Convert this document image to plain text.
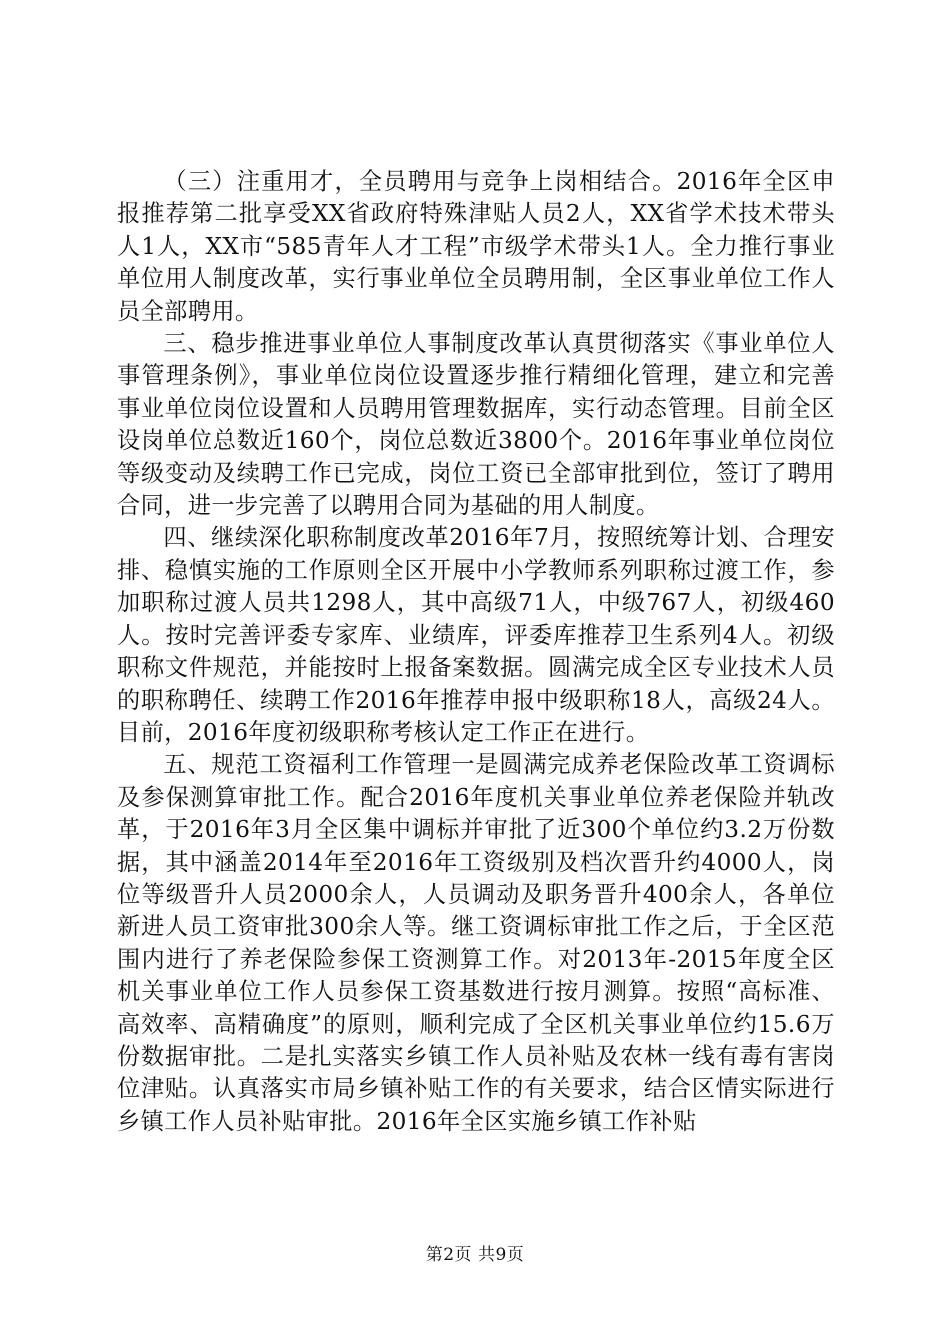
（三）注重用才，全员聘用与竞争上岗相结合。2016年全区申报推荐第二批享受XX省政府特殊津贴人员2人，XX省学术技术带头人1人，XX市“585青年人才工程”市级学术带头1人。全力推行事业单位用人制度改革，实行事业单位全员聘用制，全区事业单位工作人员全部聘用。

三、稳步推进事业单位人事制度改革认真贯彻落实《事业单位人事管理条例》，事业单位岗位设置逐步推行精细化管理，建立和完善事业单位岗位设置和人员聘用管理数据库，实行动态管理。目前全区设岗单位总数近160个，岗位总数近3800个。2016年事业单位岗位等级变动及续聘工作已完成，岗位工资已全部审批到位，签订了聘用合同，进一步完善了以聘用合同为基础的用人制度。

四、继续深化职称制度改革2016年7月，按照统筹计划、合理安排、稳慎实施的工作原则全区开展中小学教师系列职称过渡工作，参加职称过渡人员共1298人，其中高级71人，中级767人，初级460人。按时完善评委专家库、业绩库，评委库推荐卫生系列4人。初级职称文件规范，并能按时上报备案数据。圆满完成全区专业技术人员的职称聘任、续聘工作2016年推荐申报中级职称18人，高级24人。目前，2016年度初级职称考核认定工作正在进行。

五、规范工资福利工作管理一是圆满完成养老保险改革工资调标及参保测算审批工作。配合2016年度机关事业单位养老保险并轨改革，于2016年3月全区集中调标并审批了近300个单位约3.2万份数据，其中涵盖2014年至2016年工资级别及档次晋升约4000人，岗位等级晋升人员2000余人，人员调动及职务晋升400余人，各单位新进人员工资审批300余人等。继工资调标审批工作之后，于全区范围内进行了养老保险参保工资测算工作。对2013年-2015年度全区机关事业单位工作人员参保工资基数进行按月测算。按照“高标准、高效率、高精确度”的原则，顺利完成了全区机关事业单位约15.6万份数据审批。二是扎实落实乡镇工作人员补贴及农林一线有毒有害岗位津贴。认真落实市局乡镇补贴工作的有关要求，结合区情实际进行乡镇工作人员补贴审批。2016年全区实施乡镇工作补贴

第2页 共9页
